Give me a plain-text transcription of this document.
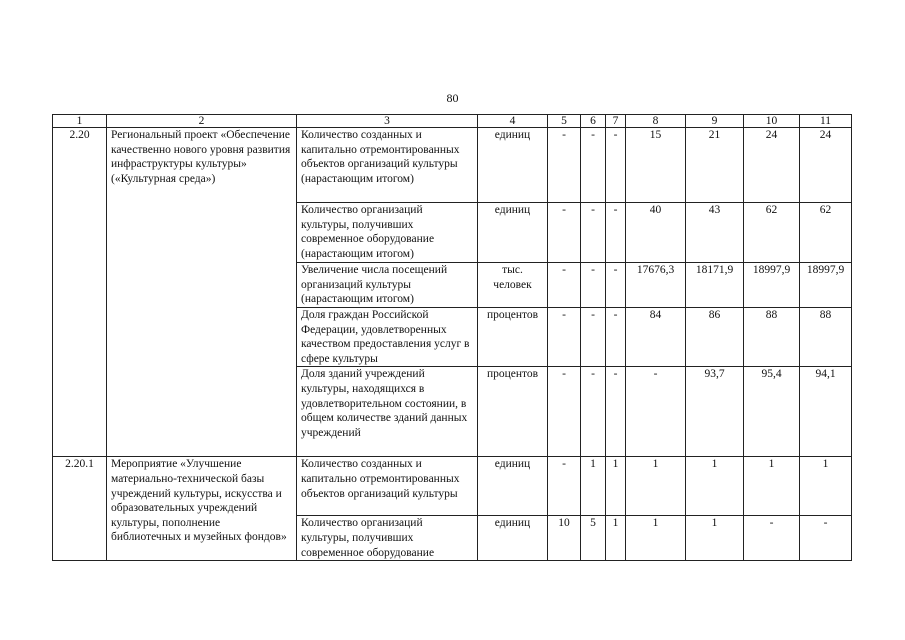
80
1	2	3	4	5	6	7	8	9	10	11
2.20	Региональный проект «Обеспечение качественно нового уровня развития инфраструктуры культуры» («Культурная среда»)	Количество созданных и капитально отремонтированных объектов организаций культуры (нарастающим итогом)	единиц	-	-	-	15	21	24	24
		Количество организаций культуры, получивших современное оборудование (нарастающим итогом)	единиц	-	-	-	40	43	62	62
		Увеличение числа посещений организаций культуры (нарастающим итогом)	тыс. человек	-	-	-	17676,3	18171,9	18997,9	18997,9
		Доля граждан Российской Федерации, удовлетворенных качеством предоставления услуг в сфере культуры	процентов	-	-	-	84	86	88	88
		Доля зданий учреждений культуры, находящихся в удовлетворительном состоянии, в общем количестве зданий данных учреждений	процентов	-	-	-	-	93,7	95,4	94,1
2.20.1	Мероприятие «Улучшение материально-технической базы учреждений культуры, искусства и образовательных учреждений культуры, пополнение библиотечных и музейных фондов»	Количество созданных и капитально отремонтированных объектов организаций культуры	единиц	-	1	1	1	1	1	1
		Количество организаций культуры, получивших современное оборудование	единиц	10	5	1	1	1	-	-
